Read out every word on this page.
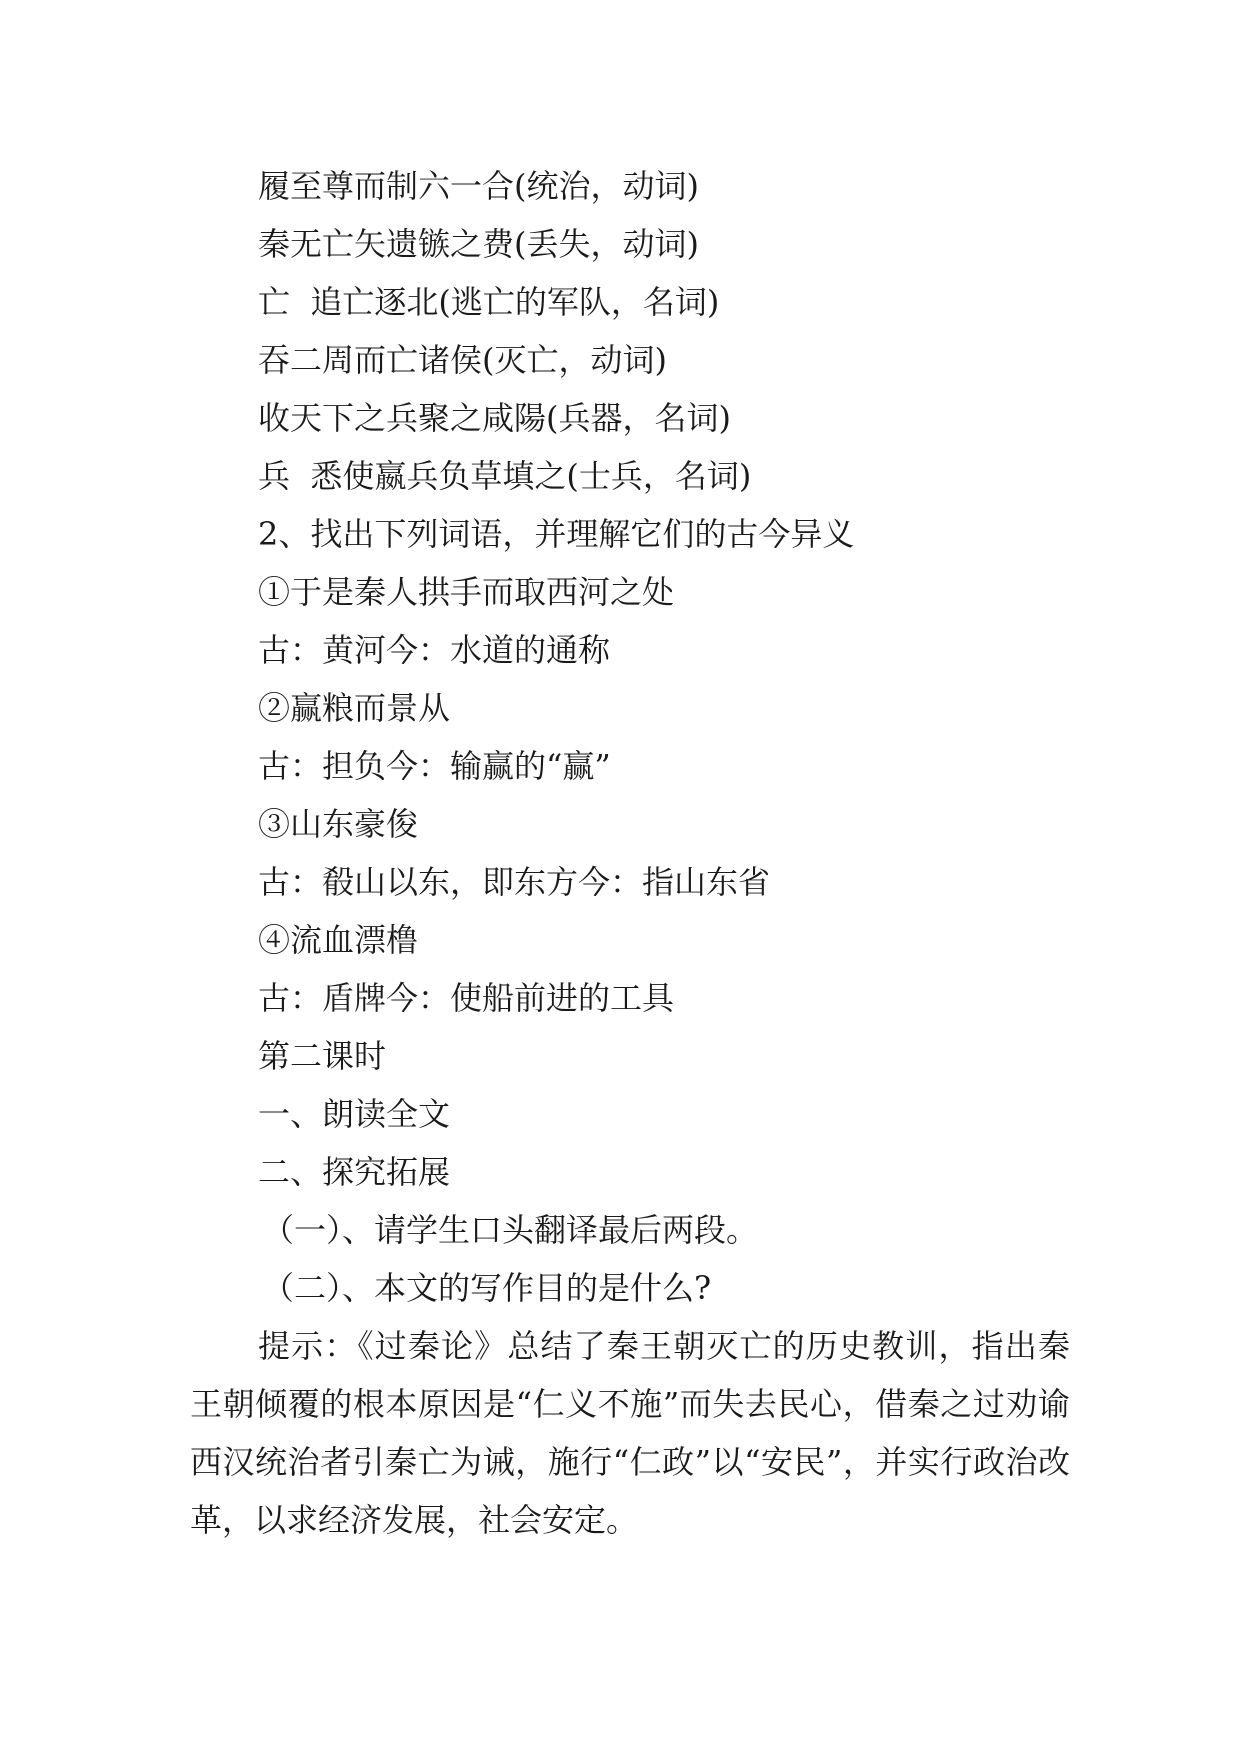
履至尊而制六一合(统治，动词)
秦无亡矢遗镞之费(丢失，动词)
亡  追亡逐北(逃亡的军队，名词)
吞二周而亡诸侯(灭亡，动词)
收天下之兵聚之咸陽(兵器，名词)
兵  悉使嬴兵负草填之(士兵，名词)
2、找出下列词语，并理解它们的古今异义
①于是秦人拱手而取西河之处
古：黄河今：水道的通称
②赢粮而景从
古：担负今：输赢的“赢”
③山东豪俊
古：殽山以东，即东方今：指山东省
④流血漂橹
古：盾牌今：使船前进的工具
第二课时
一、朗读全文
二、探究拓展
（一）、请学生口头翻译最后两段。
（二）、本文的写作目的是什么?

提示：《过秦论》总结了秦王朝灭亡的历史教训，指出秦王朝倾覆的根本原因是“仁义不施”而失去民心，借秦之过劝谕西汉统治者引秦亡为诫，施行“仁政”以“安民”，并实行政治改革，以求经济发展，社会安定。
